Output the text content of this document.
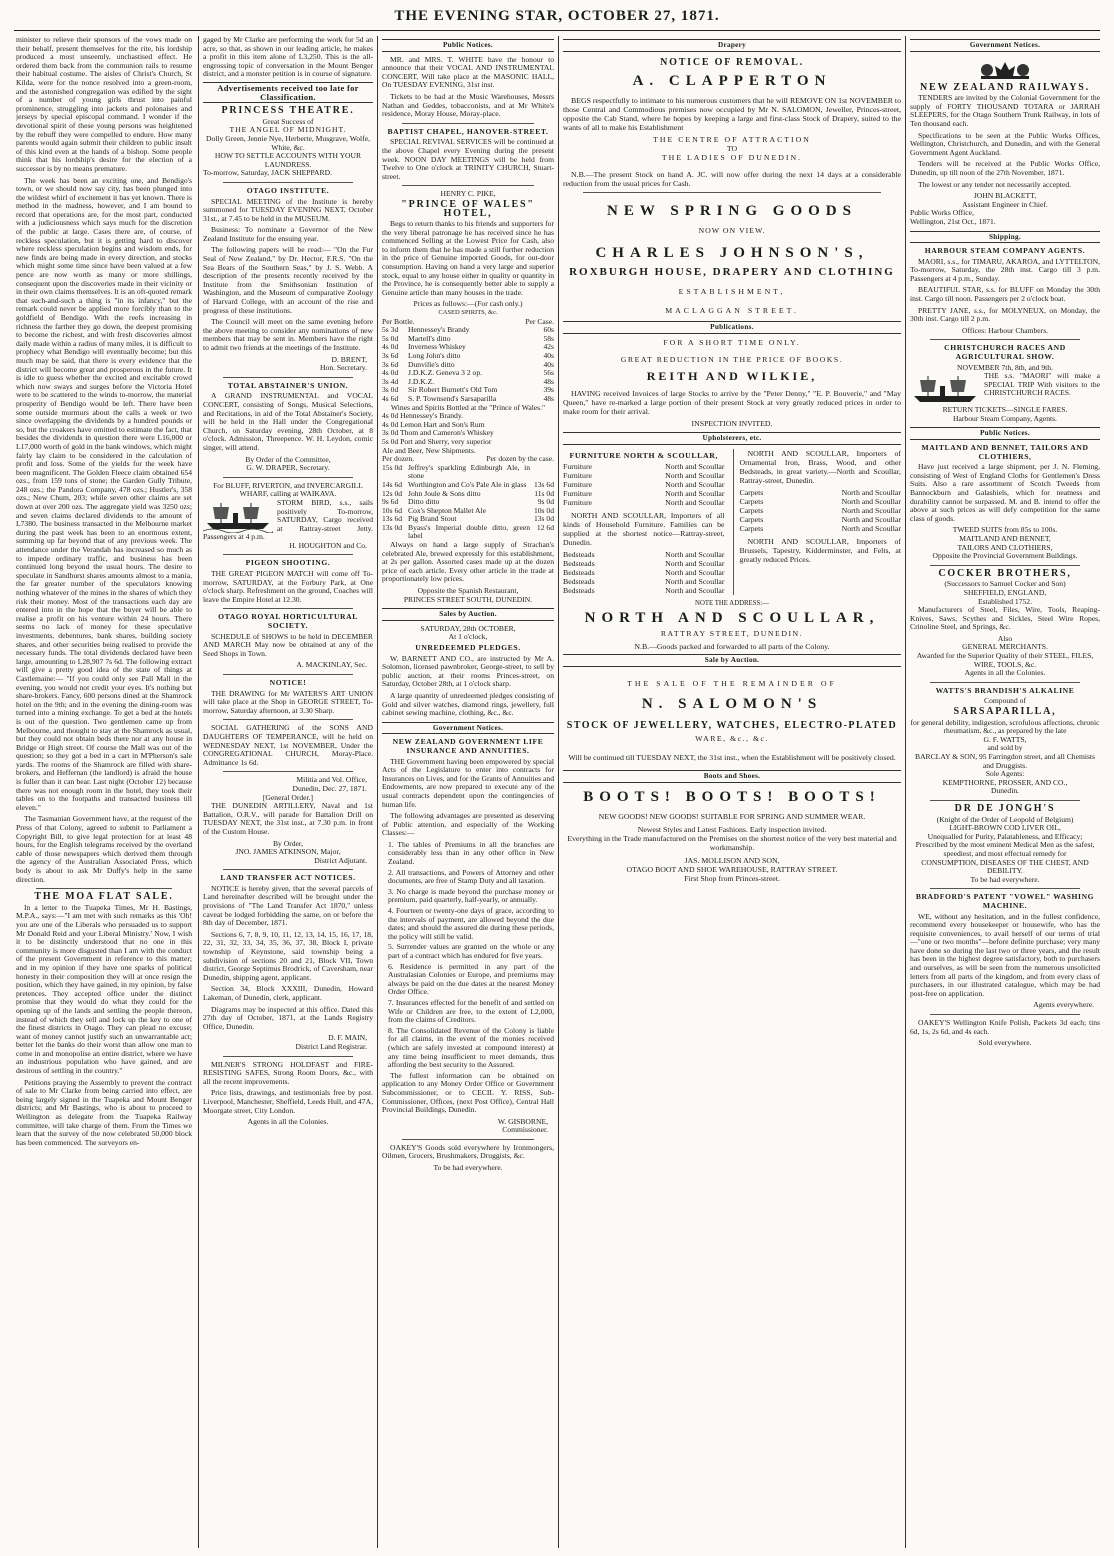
THE EVENING STAR, OCTOBER 27, 1871.

minister to relieve their sponsors of the vows made on their behalf, present themselves for the rite, his lordship produced a most unseemly, unchastised effect. He ordered them back from the communion rails to resume their habitual costume. The aisles of Christ's Church, St Kilda, were for the nonce resolved into a green-room, and the astonished congregation was edified by the sight of a number of young girls thrust into painful prominence, struggling into jackets and polonaises and jerseys by special episcopal command. I wonder if the devotional spirit of these young persons was heightened by the rebuff they were compelled to endure. How many parents would again submit their children to public insult of this kind even at the hands of a bishop. Some people think that his lordship's desire for the election of a successor is by no means premature.

The week has been an exciting one, and Bendigo's town, or we should now say city, has been plunged into the wildest whirl of excitement it has yet known. There is method in the madness, however, and I am bound to record that operations are, for the most part, conducted with a judiciousness which says much for the discretion of the public at large. Cases there are, of course, of reckless speculation, but it is getting hard to discover where reckless speculation begins and wisdom ends, for new finds are being made in every direction, and stocks which might some time since have been valued at a few pence are now worth as many or more shillings, consequent upon the discoveries made in their vicinity or in their own claims themselves. It is an oft-quoted remark that such-and-such a thing is "in its infancy," but the remark could never be applied more forcibly than to the goldfield of Bendigo. With the reefs increasing in richness the farther they go down, the deepest promising to become the richest, and with fresh discoveries almost daily made within a radius of many miles, it is difficult to prophecy what Bendigo will eventually become; but this much may be said, that there is every evidence that the district will become great and prosperous in the future. It is idle to guess whether the excited and excitable crowd which now sways and surges before the Victoria Hotel were to be scattered to the winds to-morrow, the material prosperity of Bendigo would be left. There have been some outside murmurs about the calls a week or two since overlapping the dividends by a hundred pounds or so, but the croakers have omitted to estimate the fact, that besides the dividends in question there were L16,000 or L17,000 worth of gold in the bank windows, which might fairly lay claim to be considered in the calculation of profit and loss. Some of the yields for the week have been magnificent. The Golden Fleece claim obtained 654 ozs., from 159 tons of stone; the Garden Gully Tribute, 248 ozs.; the Pandora Company, 478 ozs.; Hustler's, 358 ozs.; New Chum, 203; while seven other claims are set down at over 200 ozs. The aggregate yield was 3250 ozs; and seven claims declared dividends to the amount of L7380. The business transacted in the Melbourne market during the past week has been to an enormous extent, summing up far beyond that of any previous week. The attendance under the Verandah has increased so much as to impede ordinary traffic, and business has been continued long beyond the usual hours. The desire to speculate in Sandhurst shares amounts almost to a mania, the far greater number of the speculators knowing nothing whatever of the mines in the shares of which they risk their money. Most of the transactions each day are entered into in the hope that the buyer will be able to realise a profit on his venture within 24 hours. There seems no lack of money for these speculative investments, debentures, bank shares, building society shares, and other securities being realised to provide the necessary funds. The total dividends declared have been large, amounting to L28,907 7s 6d. The following extract will give a pretty good idea of the state of things at Castlemaine:— "If you could only see Pall Mall in the evening, you would not credit your eyes. It's nothing but share-brokers. Fancy, 600 persons dined at the Shamrock hotel on the 9th; and in the evening the dining-room was turned into a mining exchange. To get a bed at the hotels is out of the question. Two gentlemen came up from Melbourne, and thought to stay at the Shamrock as usual, but they could not obtain beds there nor at any house in Bridge or High street. Of course the Mall was out of the question; so they got a bed in a cart in M'Pherson's sale yards. The rooms of the Shamrock are filled with share-brokers, and Heffernan (the landlord) is afraid the house is fuller than it can bear. Last night (October 12) because there was not enough room in the hotel, they took their tables on to the footpaths and transacted business till eleven."

The Tasmanian Government have, at the request of the Press of that Colony, agreed to submit to Parliament a Copyright Bill, to give legal protection for at least 48 hours, for the English telegrams received by the overland cable of those newspapers which derived them through the agency of the Australian Associated Press, which body is about to ask Mr Duffy's help in the same direction.

THE MOA FLAT SALE.

In a letter to the Tuapeka Times, Mr H. Bastings, M.P.A., says:—"I am met with such remarks as this 'Oh! you are one of the Liberals who persuaded us to support Mr Donald Reid and your Liberal Ministry.' Now, I wish it to be distinctly understood that no one in this community is more disgusted than I am with the conduct of the present Government in reference to this matter; and in my opinion if they have one sparks of political honesty in their composition they will at once resign the position, which they have gained, in my opinion, by false pretences. They accepted office under the distinct promise that they would do what they could for the opening up of the lands and settling the people thereon, instead of which they sell and lock up the key to one of the finest districts in Otago. They can plead no excuse; want of money cannot justify such an unwarrantable act; better let the banks do their worst than allow one man to come in and monopolise an entire district, where we have an industrious population who have gained, and are desirous of settling in the country."

Petitions praying the Assembly to prevent the contract of sale to Mr Clarke from being carried into effect, are being largely signed in the Tuapeka and Mount Benger districts; and Mr Bastings, who is about to proceed to Wellington as delegate from the Tuapeka Railway committee, will take charge of them. From the Times we learn that the survey of the now celebrated 50,000 block has been commenced. The surveyors en-

gaged by Mr Clarke are performing the work for 5d an acre, so that, as shown in our leading article, he makes a profit in this item alone of L3,250. This is the all-engrossing topic of conversation in the Mount Benger district, and a monster petition is in course of signature.

Advertisements received too late for Classification.
PRINCESS THEATRE.
Great Success of
THE ANGEL OF MIDNIGHT.
Dolly Green, Jennie Nye, Herberte, Musgrave, Wolfe, White, &c.
HOW TO SETTLE ACCOUNTS WITH YOUR LAUNDRESS.
To-morrow, Saturday, JACK SHEPPARD.
OTAGO INSTITUTE.

SPECIAL MEETING of the Institute is hereby summoned for TUESDAY EVENING NEXT, October 31st., at 7.45 to be held in the MUSEUM.

Business: To nominate a Governor of the New Zealand Institute for the ensuing year.

The following papers will be read:— "On the Fur Seal of New Zealand," by Dr. Hector, F.R.S. "On the Sea Bears of the Southern Seas," by J. S. Webb. A description of the presents recently received by the Institute from the Smithsonian Institution of Washington, and the Museum of comparative Zoology of Harvard College, with an account of the rise and progress of these institutions.

The Council will meet on the same evening before the above meeting to consider any nominations of new members that may be sent in. Members have the right to admit two friends at the meetings of the Institute.

D. BRENT,
Hon. Secretary.
TOTAL ABSTAINER'S UNION.

A GRAND INSTRUMENTAL and VOCAL CONCERT, consisting of Songs, Musical Selections, and Recitations, in aid of the Total Abstainer's Society, will be held in the Hall under the Congregational Church, on Saturday evening, 28th October, at 8 o'clock. Admission, Threepence. W. H. Leydon, comic singer, will attend.

By Order of the Committee,
G. W. DRAPER, Secretary.
For BLUFF, RIVERTON, and INVERCARGILL WHARF, calling at WAIKAVA.
STORM BIRD, s.s., sails positively To-morrow, SATURDAY, Cargo received at Rattray-street Jetty. Passengers at 4 p.m.
H. HOUGHTON and Co.
PIGEON SHOOTING.

THE GREAT PIGEON MATCH will come off To-morrow, SATURDAY, at the Forbury Park, at One o'clock sharp. Refreshment on the ground, Coaches will leave the Empire Hotel at 12.30.

OTAGO ROYAL HORTICULTURAL SOCIETY.

SCHEDULE of SHOWS to be held in DECEMBER AND MARCH May now be obtained at any of the Seed Shops in Town.

A. MACKINLAY, Sec.
NOTICE!

THE DRAWING for Mr WATERS'S ART UNION will take place at the Shop in GEORGE STREET, To-morrow, Saturday afternoon, at 3.30 Sharp.

SOCIAL GATHERING of the SONS AND DAUGHTERS OF TEMPERANCE, will be held on WEDNESDAY NEXT, 1st NOVEMBER, Under the CONGREGATIONAL CHURCH, Moray-Place. Admittance 1s 6d.

Militia and Vol. Office,
Dunedin, Dec. 27, 1871.
[General Order.]

THE DUNEDIN ARTILLERY, Naval and 1st Battalion, O.R.V., will parade for Battalion Drill on TUESDAY NEXT, the 31st inst., at 7.30 p.m. in front of the Custom House.

By Order,
JNO. JAMES ATKINSON, Major,
District Adjutant.
LAND TRANSFER ACT NOTICES.

NOTICE is hereby given, that the several parcels of Land hereinafter described will be brought under the provisions of "The Land Transfer Act 1870," unless caveat be lodged forbidding the same, on or before the 8th day of December, 1871.

Sections 6, 7, 8, 9, 10, 11, 12, 13, 14, 15, 16, 17, 18, 22, 31, 32, 33, 34, 35, 36, 37, 38, Block I, private township of Keynstone, said township being a subdivision of sections 20 and 21, Block VII, Town district, George Septimus Brodrick, of Caversham, near Dunedin, shipping agent, applicant.

Section 34, Block XXXIII, Dunedin, Howard Lakeman, of Dunedin, clerk, applicant.

Diagrams may be inspected at this office. Dated this 27th day of October, 1871, at the Lands Registry Office, Dunedin.

D. F. MAIN,
District Land Registrar.

MILNER'S STRONG HOLDFAST and FIRE-RESISTING SAFES, Strong Room Doors, &c., with all the recent improvements.

Price lists, drawings, and testimonials free by post. Liverpool, Manchester, Sheffield, Leeds Hull, and 47A, Moorgate street, City London.

Agents in all the Colonies.
Public Notices.

MR. and MRS. T. WHITE have the honour to announce that their VOCAL AND INSTRUMENTAL CONCERT, Will take place at the MASONIC HALL, On TUESDAY EVENING, 31st inst.

Tickets to be had at the Music Warehouses, Messrs Nathan and Geddes, tobacconists, and at Mr White's residence, Moray House, Moray-place.

BAPTIST CHAPEL, HANOVER-STREET.

SPECIAL REVIVAL SERVICES will be continued at the above Chapel every Evening during the present week. NOON DAY MEETINGS will be held from Twelve to One o'clock at TRINITY CHURCH, Stuart-street.

HENRY C. PIKE,
"PRINCE OF WALES" HOTEL,

Begs to return thanks to his friends and supporters for the very liberal patronage he has received since he has commenced Selling at the Lowest Price for Cash, also to inform them that he has made a still further reduction in the price of Genuine imported Goods, for out-door consumption. Having on hand a very large and superior stock, equal to any house either in quality or quantity in the Province, he is consequently better able to supply a Genuine article than many houses in the trade.

Prices as follows:—(For cash only.)
CASED SPIRITS, &c.
Per Bottle.	Per Case.
5s 3d	Hennessey's Brandy	60s
5s 0d	Martell's ditto	58s
4s 0d	Inverness Whiskey	42s
3s 6d	Long John's ditto	40s
3s 6d	Dunville's ditto	40s
4s 0d	J.D.K.Z. Geneva 3 2 op.	56s
3s 4d	J.D.K.Z.	48s
3s 0d	Sir Robert Burnett's Old Tom	39s
4s 6d	S. P. Townsend's Sarsaparilla	48s
Wines and Spirits Bottled at the "Prince of Wales."
4s 0d Hennessey's Brandy.
4s 0d Lemon Hart and Son's Rum
3s 0d Thom and Cameron's Whiskey
5s 0d Port and Sherry, very superior
Ale and Beer, New Shipments.
Per dozen.	Per dozen by the case.
15s 0d Jeffrey's sparkling Edinburgh Ale, in stone
14s 6d Worthington and Co's Pale Ale in glass 13s 6d
12s 0d John Joule & Sons ditto	11s 0d
9s 6d	Ditto ditto	9s 0d
10s 6d Cox's Shepton Mallet Ale	10s 0d
13s 6d Pig Brand Stout	13s 0d
13s 0d Byass's Imperial double ditto, green label
12 6d

Always on hand a large supply of Strachan's celebrated Ale, brewed expressly for this establishment, at 2s per gallon. Assorted cases made up at the dozen price of each article. Every other article in the trade at proportionately low prices.

Opposite the Spanish Restaurant,
PRINCES STREET SOUTH, DUNEDIN.
Sales by Auction.
SATURDAY, 28th OCTOBER,
At 1 o'clock,
UNREDEEMED PLEDGES.

W. BARNETT AND CO., are instructed by Mr A. Solomon, licensed pawnbroker, George-street, to sell by public auction, at their rooms Princes-street, on Saturday, October 28th, at 1 o'clock sharp.

A large quantity of unredeemed pledges consisting of Gold and silver watches, diamond rings, jewellery, full cabinet sewing machine, clothing, &c., &c.

Government Notices.
NEW ZEALAND GOVERNMENT LIFE INSURANCE AND ANNUITIES.

THE Government having been empowered by special Acts of the Legislature to enter into contracts for Insurances on Lives, and for the Grants of Annuities and Endowments, are now prepared to execute any of the usual contracts dependent upon the contingencies of human life.

The following advantages are presented as deserving of Public attention, and especially of the Working Classes:—

1. The tables of Premiums in all the branches are considerably less than in any other office in New Zealand.

2. All transactions, and Powers of Attorney and other documents, are free of Stamp Duty and all taxation.

3. No charge is made beyond the purchase money or premium, paid quarterly, half-yearly, or annually.

4. Fourteen or twenty-one days of grace, according to the intervals of payment, are allowed beyond the due dates; and should the assured die during these periods, the policy will still be valid.

5. Surrender values are granted on the whole or any part of a contract which has endured for five years.

6. Residence is permitted in any part of the Australasian Colonies or Europe, and premiums may always be paid on the due dates at the nearest Money Order Office.

7. Insurances effected for the benefit of and settled on Wife or Children are free, to the extent of L2,000, from the claims of Creditors.

8. The Consolidated Revenue of the Colony is liable for all claims, in the event of the monies received (which are safely invested at compound interest) at any time being insufficient to meet demands, thus affording the best security to the Assured.

The fullest information can be obtained on application to any Money Order Office or Government Subcommissioner, or to CECIL Y. RISS, Sub-Commissioner, Offices, (next Post Office), Central Hall Provincial Buildings, Dunedin.

W. GISBORNE,
Commissioner.

OAKEY'S Goods sold everywhere by Ironmongers, Oilmen, Grocers, Brushmakers, Druggists, &c.

To be had everywhere.
Drapery
NOTICE OF REMOVAL.
A. CLAPPERTON

BEGS respectfully to intimate to his numerous customers that he will REMOVE ON 1st NOVEMBER to those Central and Commodious premises now occupied by Mr N. SALOMON, Jeweller, Princes-street, opposite the Cab Stand, where he hopes by keeping a large and first-class Stock of Drapery, suited to the wants of all to make his Establishment

THE CENTRE OF ATTRACTION
TO
THE LADIES OF DUNEDIN.

N.B.—The present Stock on hand A. JC. will now offer during the next 14 days at a considerable reduction from the usual prices for Cash.

NEW SPRING GOODS
NOW ON VIEW.
CHARLES JOHNSON'S,
ROXBURGH HOUSE, DRAPERY AND CLOTHING
ESTABLISHMENT,
MACLAGGAN STREET.
Publications.
FOR A SHORT TIME ONLY.
GREAT REDUCTION IN THE PRICE OF BOOKS.
REITH AND WILKIE,

HAVING received Invoices of large Stocks to arrive by the "Peter Denny," "E. P. Bouverie," and "May Queen," have re-marked a large portion of their present Stock at very greatly reduced prices in order to make room for their arrival.

INSPECTION INVITED.
Upholsterers, etc.
FURNITURE NORTH & SCOULLAR,
Furniture	North and Scoullar
Furniture	North and Scoullar
Furniture	North and Scoullar
Furniture	North and Scoullar
Furniture	North and Scoullar

NORTH AND SCOULLAR, Importers of all kinds of Household Furniture. Families can be supplied at the shortest notice—Rattray-street, Dunedin.

Bedsteads	North and Scoullar
Bedsteads	North and Scoullar
Bedsteads	North and Scoullar
Bedsteads	North and Scoullar
Bedsteads	North and Scoullar

NORTH AND SCOULLAR, Importers of Ornamental Iron, Brass, Wood, and other Bedsteads, in great variety.—North and Scoullar, Rattray-street, Dunedin.

Carpets	North and Scoullar
Carpets	North and Scoullar
Carpets	North and Scoullar
Carpets	North and Scoullar
Carpets	North and Scoullar

NORTH AND SCOULLAR, Importers of Brussels, Tapestry, Kidderminster, and Felts, at greatly reduced Prices.

NOTE THE ADDRESS:—
NORTH AND SCOULLAR,
RATTRAY STREET, DUNEDIN.
N.B.—Goods packed and forwarded to all parts of the Colony.
Sale by Auction.
THE SALE OF THE REMAINDER OF
N. SALOMON'S
STOCK OF JEWELLERY, WATCHES, ELECTRO-PLATED
WARE, &c., &c.
Will be continued till TUESDAY NEXT, the 31st inst., when the Establishment will be positively closed.
Boots and Shoes.
BOOTS! BOOTS! BOOTS!
NEW GOODS! NEW GOODS! SUITABLE FOR SPRING AND SUMMER WEAR.
Newest Styles and Latest Fashions. Early inspection invited.
Everything in the Trade manufactured on the Premises on the shortest notice of the very best material and workmanship.
JAS. MOLLISON AND SON,
OTAGO BOOT AND SHOE WAREHOUSE, RATTRAY STREET.
First Shop from Princes-street.
Government Notices.
NEW ZEALAND RAILWAYS.

TENDERS are invited by the Colonial Government for the supply of FORTY THOUSAND TOTARA or JARRAH SLEEPERS, for the Otago Southern Trunk Railway, in lots of Ten thousand each.

Specifications to be seen at the Public Works Offices, Wellington, Christchurch, and Dunedin, and with the General Government Agent Auckland.

Tenders will be received at the Public Works Office, Dunedin, up till noon of the 27th November, 1871.

The lowest or any tender not necessarily accepted.

JOHN BLACKETT,
Assistant Engineer in Chief.
Public Works Office,
Wellington, 21st Oct., 1871.
Shipping.
HARBOUR STEAM COMPANY AGENTS.

MAORI, s.s., for TIMARU, AKAROA, and LYTTELTON, To-morrow, Saturday, the 28th inst. Cargo till 3 p.m. Passengers at 4 p.m., Sunday.

BEAUTIFUL STAR, s.s. for BLUFF on Monday the 30th inst. Cargo till noon. Passengers per 2 o'clock boat.

PRETTY JANE, s.s., for MOLYNEUX, on Monday, the 30th inst. Cargo till 2 p.m.

Offices: Harbour Chambers.
CHRISTCHURCH RACES AND AGRICULTURAL SHOW.
NOVEMBER 7th, 8th, and 9th.
THE s.s. "MAORI" will make a SPECIAL TRIP With visitors to the CHRISTCHURCH RACES.
RETURN TICKETS—SINGLE FARES.
Harbour Steam Company, Agents.
Public Notices.
MAITLAND AND BENNET, TAILORS AND CLOTHIERS,

Have just received a large shipment, per J. N. Fleming, consisting of West of England Cloths for Gentlemen's Dress Suits. Also a rare assortment of Scotch Tweeds from Bannockburn and Galashiels, which for neatness and durability cannot be surpassed. M. and B. intend to offer the above at such prices as will defy competition for the same class of goods.

TWEED SUITS from 85s to 100s.
MAITLAND AND BENNET,
TAILORS AND CLOTHIERS,
Opposite the Provincial Government Buildings.
COCKER BROTHERS,
(Successors to Samuel Cocker and Son)
SHEFFIELD, ENGLAND,
Established 1752.

Manufacturers of Steel, Files, Wire, Tools, Reaping-Knives, Saws, Scythes and Sickles, Steel Wire Ropes, Crinoline Steel, and Springs, &c.

Also
GENERAL MERCHANTS.
Awarded for the Superior Quality of their STEEL, FILES, WIRE, TOOLS, &c.
Agents in all the Colonies.
WATTS'S BRANDISH'S ALKALINE
Compound of
SARSAPARILLA,
for general debility, indigestion, scrofulous affections, chronic rheumatism, &c., as prepared by the late
G. F. WATTS,
and sold by
BARCLAY & SON, 95 Farringdon street, and all Chemists and Druggists.
Sole Agents:
KEMPTHORNE, PROSSER, AND CO.,
Dunedin.
DR DE JONGH'S
(Knight of the Order of Leopold of Belgium)
LIGHT-BROWN COD LIVER OIL,
Unequalled for Purity, Palatableness, and Efficacy;
Prescribed by the most eminent Medical Men as the safest, speediest, and most effectual remedy for
CONSUMPTION, DISEASES OF THE CHEST, AND DEBILITY.
To be had everywhere.
BRADFORD'S PATENT "VOWEL" WASHING MACHINE.

WE, without any hesitation, and in the fullest confidence, recommend every housekeeper or housewife, who has the requisite conveniences, to avail herself of our terms of trial—"one or two months"—before definite purchase; very many have done so during the last two or three years, and the result has been in the highest degree satisfactory, both to purchasers and ourselves, as will be seen from the numerous unsolicited letters from all parts of the kingdom, and from every class of purchasers, in our illustrated catalogue, which may be had post-free on application.

Agents everywhere.

OAKEY'S Wellington Knife Polish, Packets 3d each; tins 6d, 1s, 2s 6d, and 4s each.

Sold everywhere.
